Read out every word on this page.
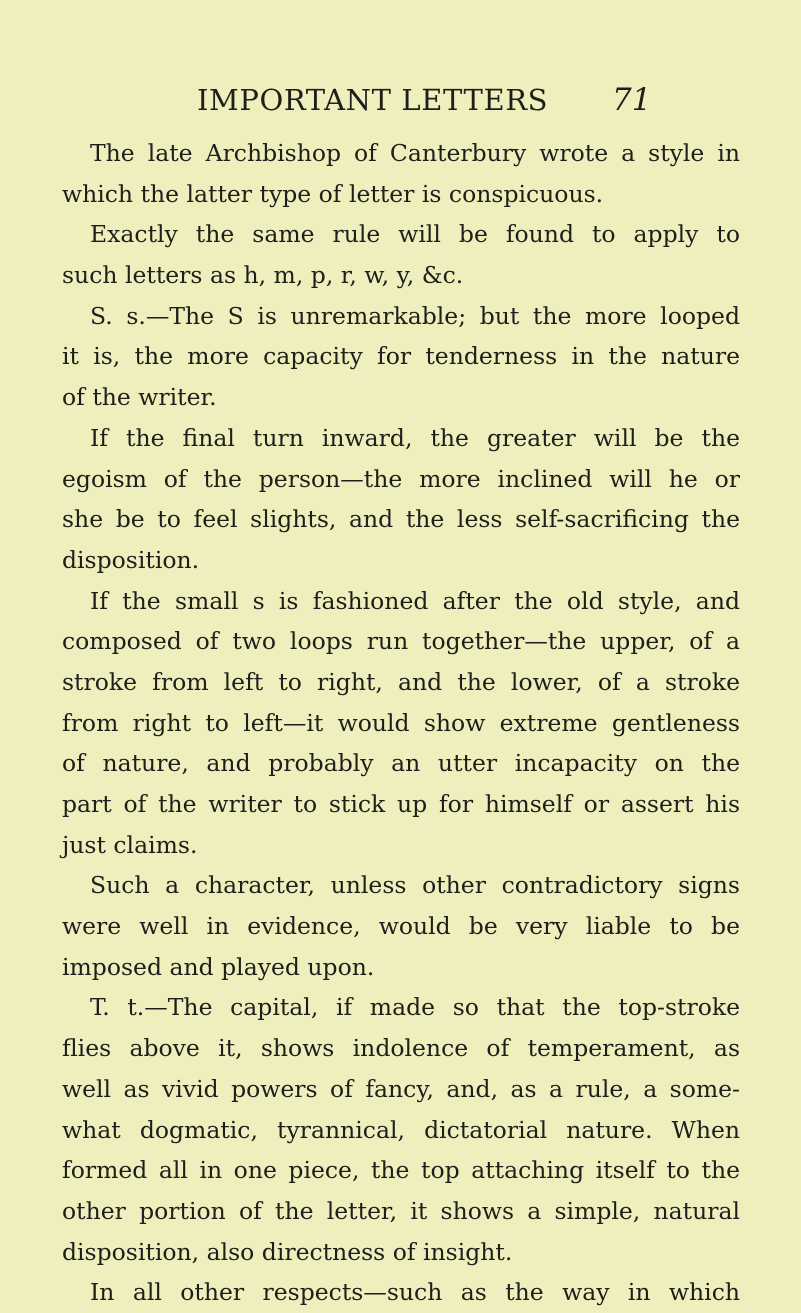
IMPORTANT LETTERS 71
The late Archbishop of Canterbury wrote a style in
which the latter type of letter is conspicuous.
Exactly the same rule will be found to apply to
such letters as h, m, p, r, w, y, &c.
S. s.—The S is unremarkable; but the more looped
it is, the more capacity for tenderness in the nature
of the writer.
If the final turn inward, the greater will be the
egoism of the person—the more inclined will he or
she be to feel slights, and the less self-sacrificing the
disposition.
If the small s is fashioned after the old style, and
composed of two loops run together—the upper, of a
stroke from left to right, and the lower, of a stroke
from right to left—it would show extreme gentleness
of nature, and probably an utter incapacity on the
part of the writer to stick up for himself or assert his
just claims.
Such a character, unless other contradictory signs
were well in evidence, would be very liable to be
imposed and played upon.
T. t.—The capital, if made so that the top-stroke
flies above it, shows indolence of temperament, as
well as vivid powers of fancy, and, as a rule, a some-
what dogmatic, tyrannical, dictatorial nature. When
formed all in one piece, the top attaching itself to the
other portion of the letter, it shows a simple, natural
disposition, also directness of insight.
In all other respects—such as the way in which
